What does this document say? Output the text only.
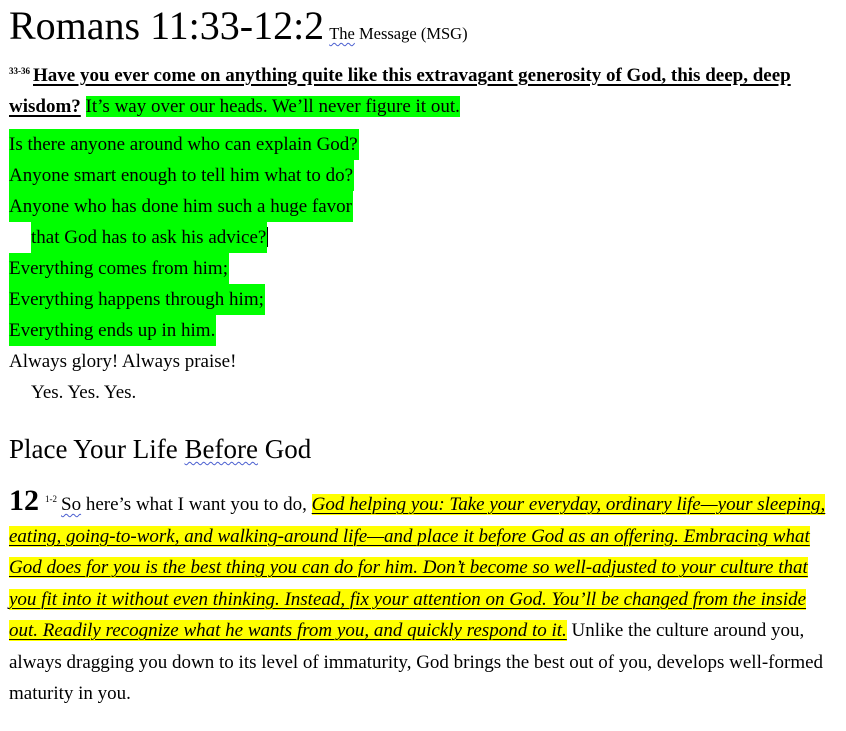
Romans 11:33-12:2 The Message (MSG)
$^{33-36}$ Have you ever come on anything quite like this extravagant generosity of God, this deep, deep wisdom? It’s way over our heads. We’ll never figure it out.
Is there anyone around who can explain God?
Anyone smart enough to tell him what to do?
Anyone who has done him such a huge favor
that God has to ask his advice?
Everything comes from him;
Everything happens through him;
Everything ends up in him.
Always glory! Always praise!
Yes. Yes. Yes.
Place Your Life Before God
12 $^{1-2}$ So here’s what I want you to do, God helping you: Take your everyday, ordinary life—your sleeping, eating, going-to-work, and walking-around life—and place it before God as an offering. Embracing what God does for you is the best thing you can do for him. Don’t become so well-adjusted to your culture that you fit into it without even thinking. Instead, fix your attention on God. You’ll be changed from the inside out. Readily recognize what he wants from you, and quickly respond to it. Unlike the culture around you, always dragging you down to its level of immaturity, God brings the best out of you, develops well-formed maturity in you.
